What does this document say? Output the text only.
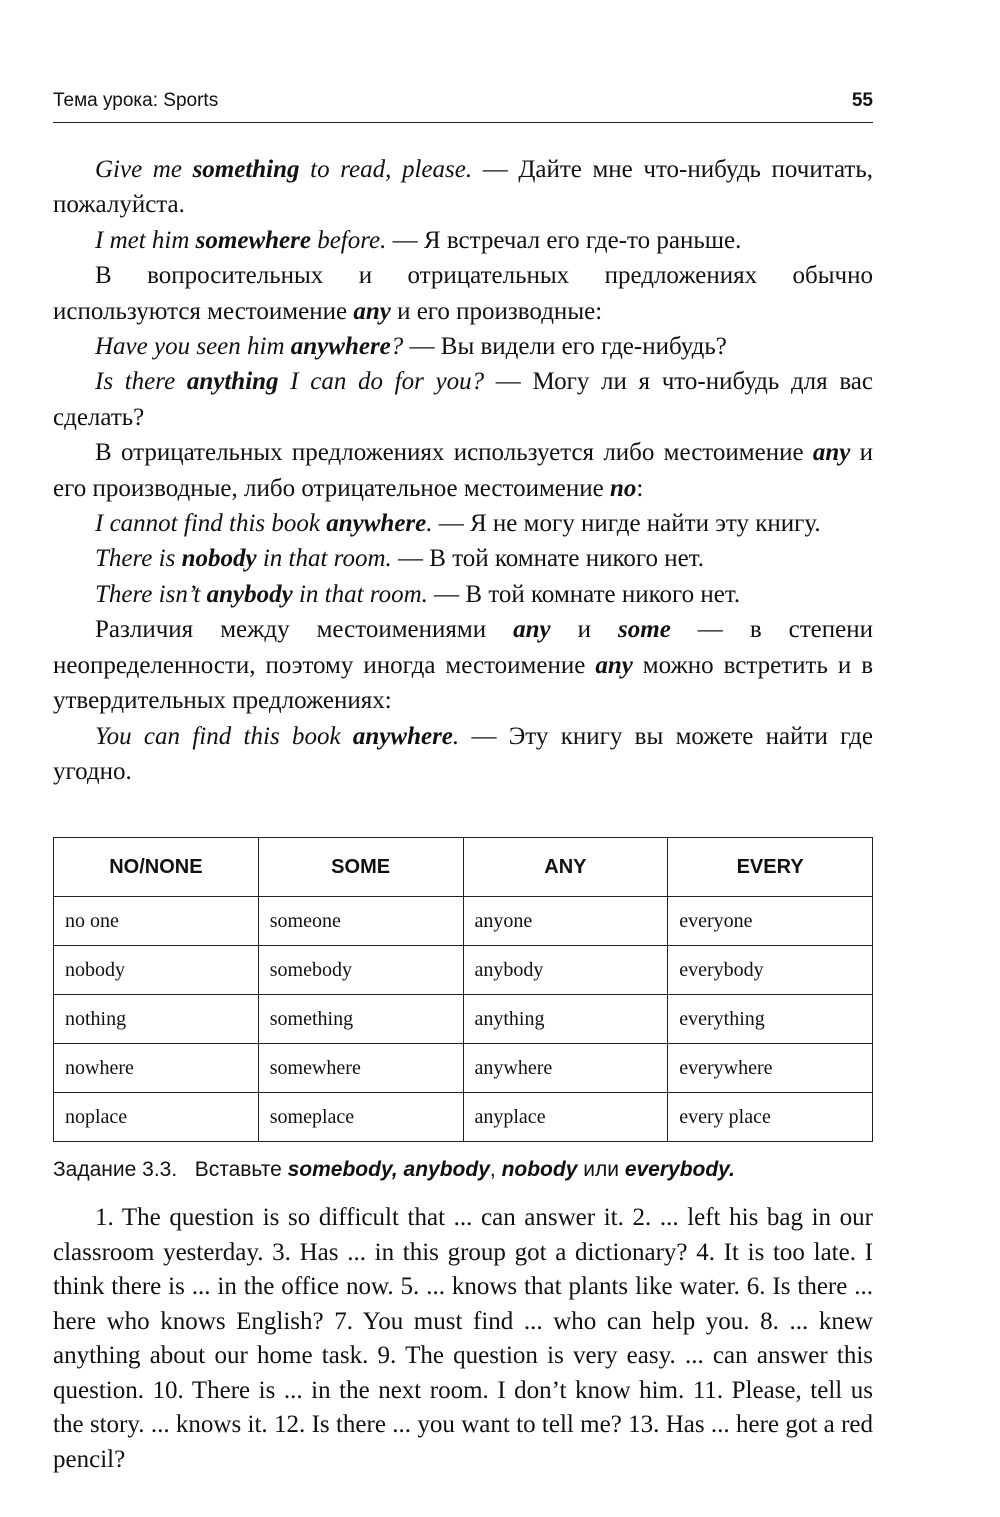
Тема урока: Sports	55

Give me something to read, please. — Дайте мне что-нибудь почитать, пожалуйста.

I met him somewhere before. — Я встречал его где-то раньше.

В вопросительных и отрицательных предложениях обычно используются местоимение any и его производные:

Have you seen him anywhere? — Вы видели его где-нибудь?

Is there anything I can do for you? — Могу ли я что-нибудь для вас сделать?

В отрицательных предложениях используется либо местоимение any и его производные, либо отрицательное местоимение no:

I cannot find this book anywhere. — Я не могу нигде найти эту книгу.

There is nobody in that room. — В той комнате никого нет.

There isn’t anybody in that room. — В той комнате никого нет.

Различия между местоимениями any и some — в степени неопределенности, поэтому иногда местоимение any можно встретить и в утвердительных предложениях:

You can find this book anywhere. — Эту книгу вы можете найти где угодно.

NO/NONE	SOME	ANY	EVERY
no one	someone	anyone	everyone
nobody	somebody	anybody	everybody
nothing	something	anything	everything
nowhere	somewhere	anywhere	everywhere
noplace	someplace	anyplace	every place
Задание 3.3. Вставьте somebody, anybody, nobody или everybody.

1. The question is so difficult that ... can answer it. 2. ... left his bag in our classroom yesterday. 3. Has ... in this group got a dictionary? 4. It is too late. I think there is ... in the office now. 5. ... knows that plants like water. 6. Is there ... here who knows English? 7. You must find ... who can help you. 8. ... knew anything about our home task. 9. The question is very easy. ... can answer this question. 10. There is ... in the next room. I don’t know him. 11. Please, tell us the story. ... knows it. 12. Is there ... you want to tell me? 13. Has ... here got a red pencil?
